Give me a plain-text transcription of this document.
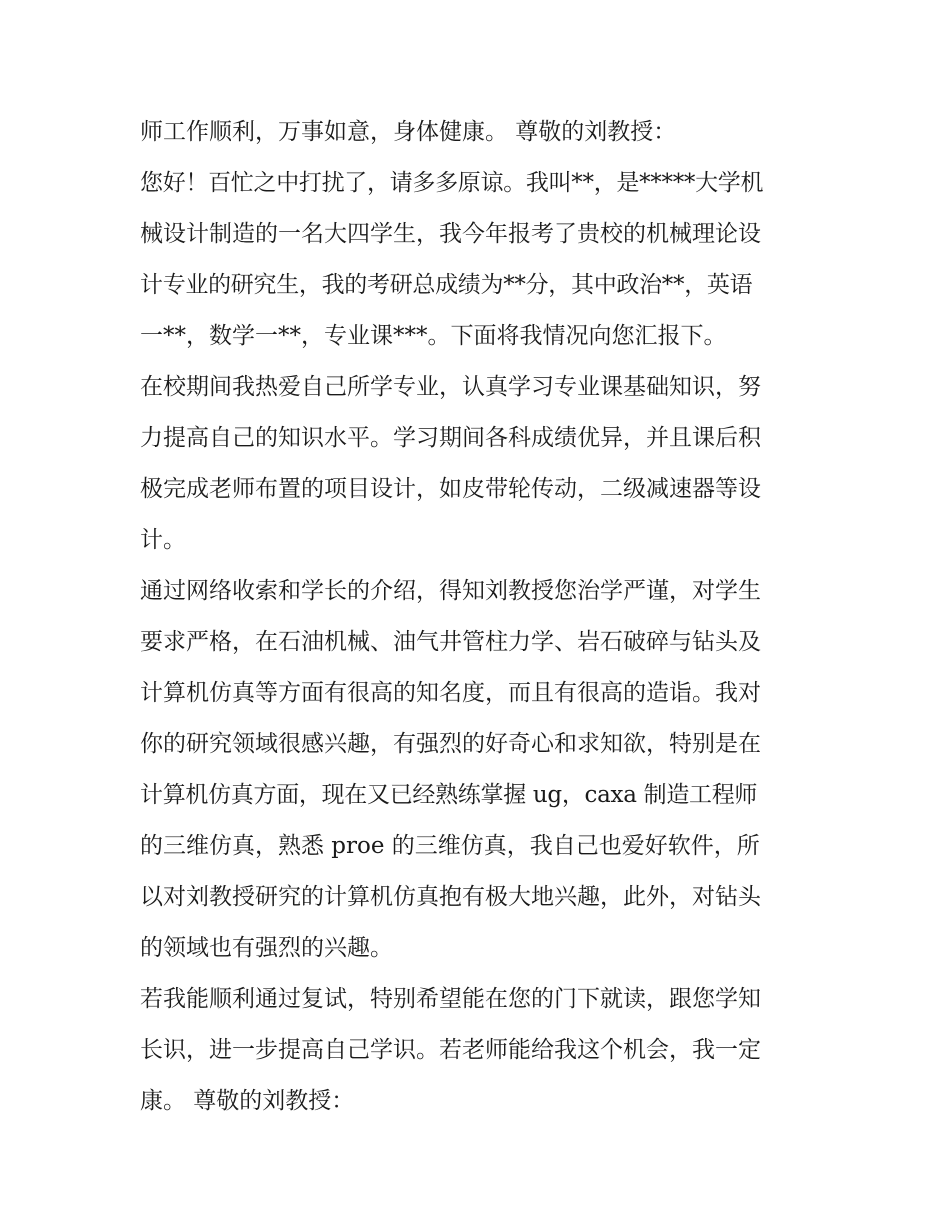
师工作顺利，万事如意，身体健康。 尊敬的刘教授：
您好！百忙之中打扰了，请多多原谅。我叫**，是*****大学机
械设计制造的一名大四学生，我今年报考了贵校的机械理论设
计专业的研究生，我的考研总成绩为**分，其中政治**，英语
一**，数学一**，专业课***。下面将我情况向您汇报下。
在校期间我热爱自己所学专业，认真学习专业课基础知识，努
力提高自己的知识水平。学习期间各科成绩优异，并且课后积
极完成老师布置的项目设计，如皮带轮传动，二级减速器等设
计。
通过网络收索和学长的介绍，得知刘教授您治学严谨，对学生
要求严格，在石油机械、油气井管柱力学、岩石破碎与钻头及
计算机仿真等方面有很高的知名度，而且有很高的造诣。我对
你的研究领域很感兴趣，有强烈的好奇心和求知欲，特别是在
计算机仿真方面，现在又已经熟练掌握 ug，caxa 制造工程师
的三维仿真，熟悉 proe 的三维仿真，我自己也爱好软件，所
以对刘教授研究的计算机仿真抱有极大地兴趣，此外，对钻头
的领域也有强烈的兴趣。
若我能顺利通过复试，特别希望能在您的门下就读，跟您学知
长识，进一步提高自己学识。若老师能给我这个机会，我一定
康。 尊敬的刘教授：
